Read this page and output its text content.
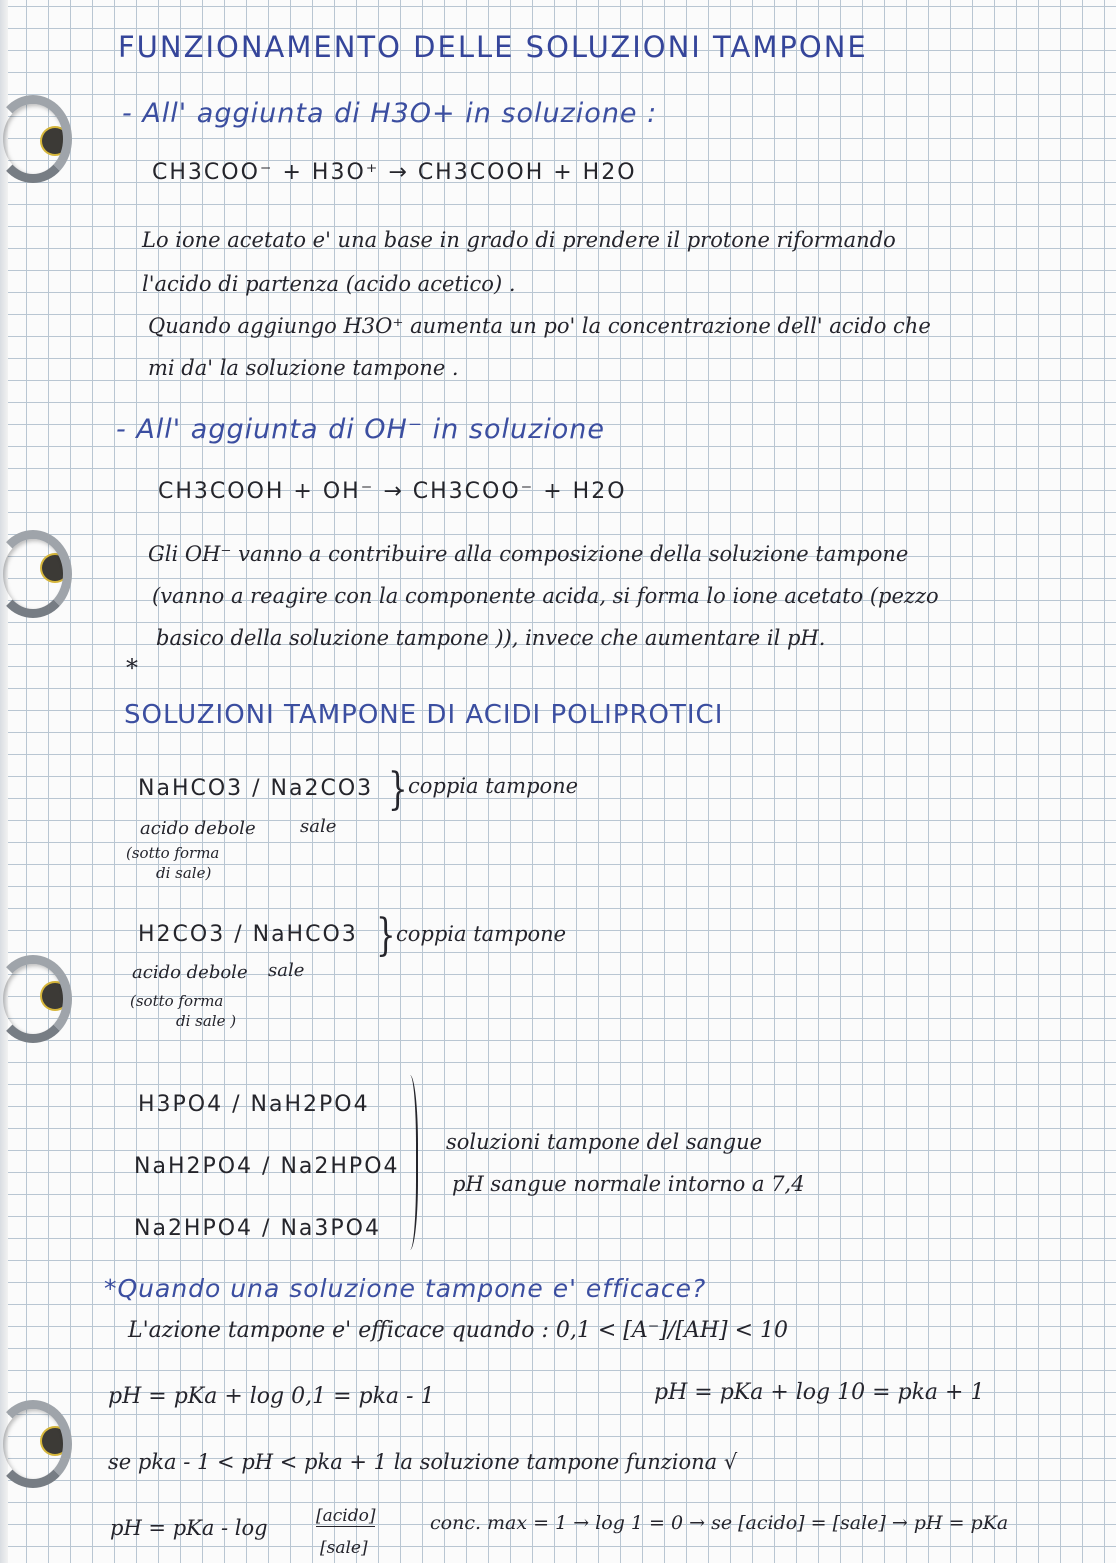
FUNZIONAMENTO DELLE SOLUZIONI TAMPONE

- All' aggiunta di H3O+ in soluzione :

CH3COO⁻ + H3O⁺ → CH3COOH + H2O

Lo ione acetato e' una base in grado di prendere il protone riformando

l'acido di partenza (acido acetico) .

Quando aggiungo H3O⁺ aumenta un po' la concentrazione dell' acido che

mi da' la soluzione tampone .

- All' aggiunta di OH⁻ in soluzione

CH3COOH + OH⁻ → CH3COO⁻ + H2O

Gli OH⁻ vanno a contribuire alla composizione della soluzione tampone

(vanno a reagire con la componente acida, si forma lo ione acetato (pezzo

basico della soluzione tampone )), invece che aumentare il pH.

*

SOLUZIONI TAMPONE DI ACIDI POLIPROTICI

NaHCO3 / Na2CO3 } coppia tampone

acido debole sale

(sotto forma

di sale)

H2CO3 / NaHCO3 } coppia tampone

acido debole sale

(sotto forma

di sale )

H3PO4 / NaH2PO4

NaH2PO4 / Na2HPO4

Na2HPO4 / Na3PO4

soluzioni tampone del sangue

pH sangue normale intorno a 7,4

*Quando una soluzione tampone e' efficace?

L'azione tampone e' efficace quando : 0,1 < [A⁻]/[AH] < 10

pH = pKa + log 0,1 = pka - 1	pH = pKa + log 10 = pka + 1

se pka - 1 < pH < pka + 1 la soluzione tampone funziona √

pH = pKa - log	[acido]

[sale]

conc. max = 1 → log 1 = 0 → se [acido] = [sale] → pH = pKa
